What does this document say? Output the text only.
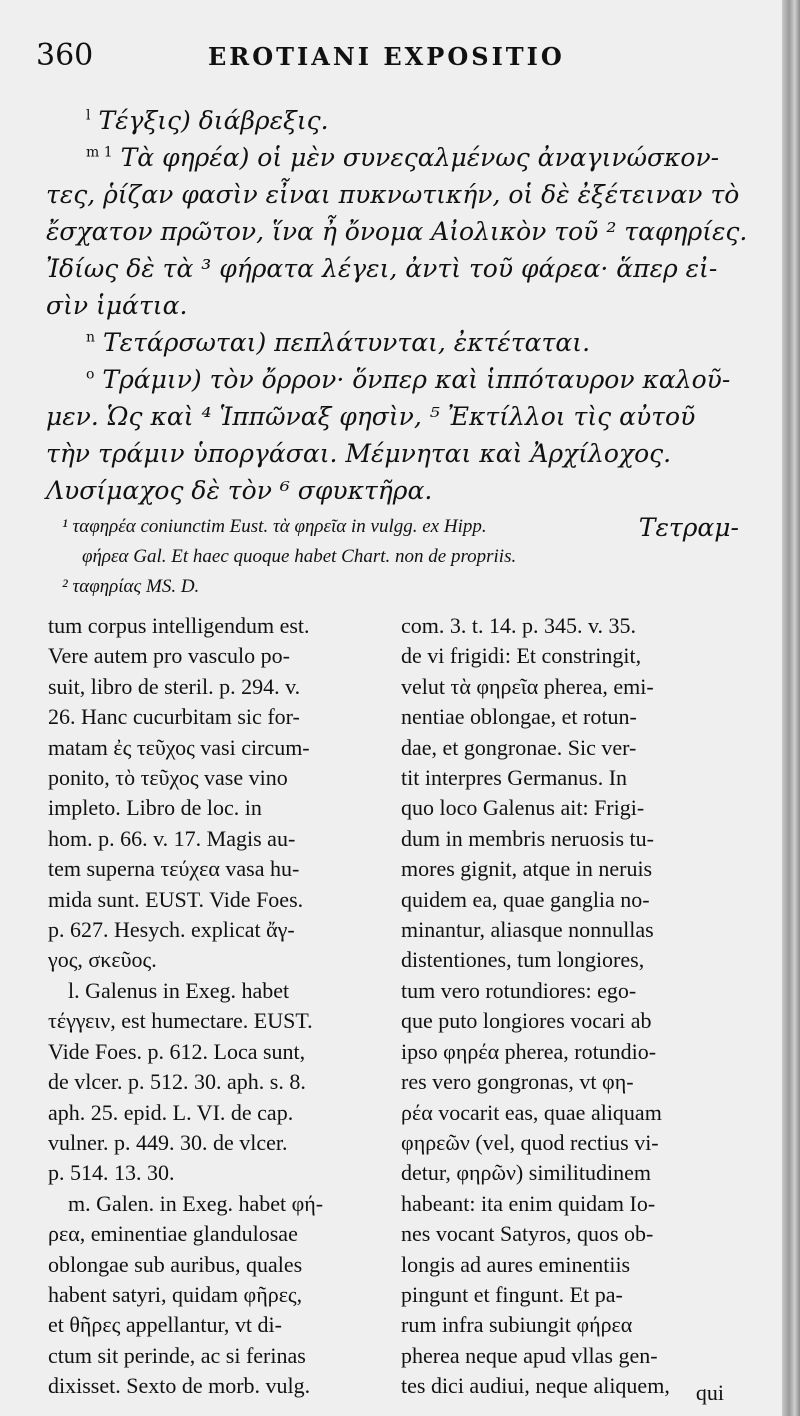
360	EROTIANI EXPOSITIO
$^l$ Τέγξις) διάβρεξις.
$^{m 1}$ Τὰ φηρέα) οἱ μὲν συνεςαλμένως ἀναγινώσκον-
τες, ῥίζαν φασὶν εἶναι πυκνωτικήν, οἱ δὲ ἐξέτειναν τὸ
ἔσχατον πρῶτον, ἵνα ἦ ὄνομα Αἰολικὸν τοῦ ² ταφηρίες.
Ἰδίως δὲ τὰ ³ φήρατα λέγει, ἀντὶ τοῦ φάρεα· ἅπερ εἰ-
σὶν ἱμάτια.
$^n$ Τετάρσωται) πεπλάτυνται, ἐκτέταται.
$^o$ Τράμιν) τὸν ὄρρον· ὅνπερ καὶ ἱππόταυρον καλοῦ-
μεν. Ὡς καὶ ⁴ Ἱππῶναξ φησὶν, ⁵ Ἐκτίλλοι τὶς αὐτοῦ
τὴν τράμιν ὑποργάσαι. Μέμνηται καὶ Ἀρχίλοχος.
Λυσίμαχος δὲ τὸν ⁶ σφυκτῆρα.
Τετραμ-
¹ ταφηρέα coniunctim Eust. τὰ φηρεῖα in vulgg. ex Hipp.
φήρεα Gal. Et haec quoque habet Chart. non de propriis.
² ταφηρίας MS. D.
tum corpus intelligendum est.
Vere autem pro vasculo po-
suit, libro de steril. p. 294. v.
26. Hanc cucurbitam sic for-
matam ἐς τεῦχος vasi circum-
ponito, τὸ τεῦχος vase vino
impleto. Libro de loc. in
hom. p. 66. v. 17. Magis au-
tem superna τεύχεα vasa hu-
mida sunt. EUST. Vide Foes.
p. 627. Hesych. explicat ἄγ-
γος, σκεῦος.
l. Galenus in Exeg. habet
τέγγειν, est humectare. EUST.
Vide Foes. p. 612. Loca sunt,
de vlcer. p. 512. 30. aph. s. 8.
aph. 25. epid. L. VI. de cap.
vulner. p. 449. 30. de vlcer.
p. 514. 13. 30.
m. Galen. in Exeg. habet φή-
ρεα, eminentiae glandulosae
oblongae sub auribus, quales
habent satyri, quidam φῆρες,
et θῆρες appellantur, vt di-
ctum sit perinde, ac si ferinas
dixisset. Sexto de morb. vulg.
com. 3. t. 14. p. 345. v. 35.
de vi frigidi: Et constringit,
velut τὰ φηρεῖα pherea, emi-
nentiae oblongae, et rotun-
dae, et gongronae. Sic ver-
tit interpres Germanus. In
quo loco Galenus ait: Frigi-
dum in membris neruosis tu-
mores gignit, atque in neruis
quidem ea, quae ganglia no-
minantur, aliasque nonnullas
distentiones, tum longiores,
tum vero rotundiores: ego-
que puto longiores vocari ab
ipso φηρέα pherea, rotundio-
res vero gongronas, vt φη-
ρέα vocarit eas, quae aliquam
φηρεῶν (vel, quod rectius vi-
detur, φηρῶν) similitudinem
habeant: ita enim quidam Io-
nes vocant Satyros, quos ob-
longis ad aures eminentiis
pingunt et fingunt. Et pa-
rum infra subiungit φήρεα
pherea neque apud vllas gen-
tes dici audiui, neque aliquem,	qui
